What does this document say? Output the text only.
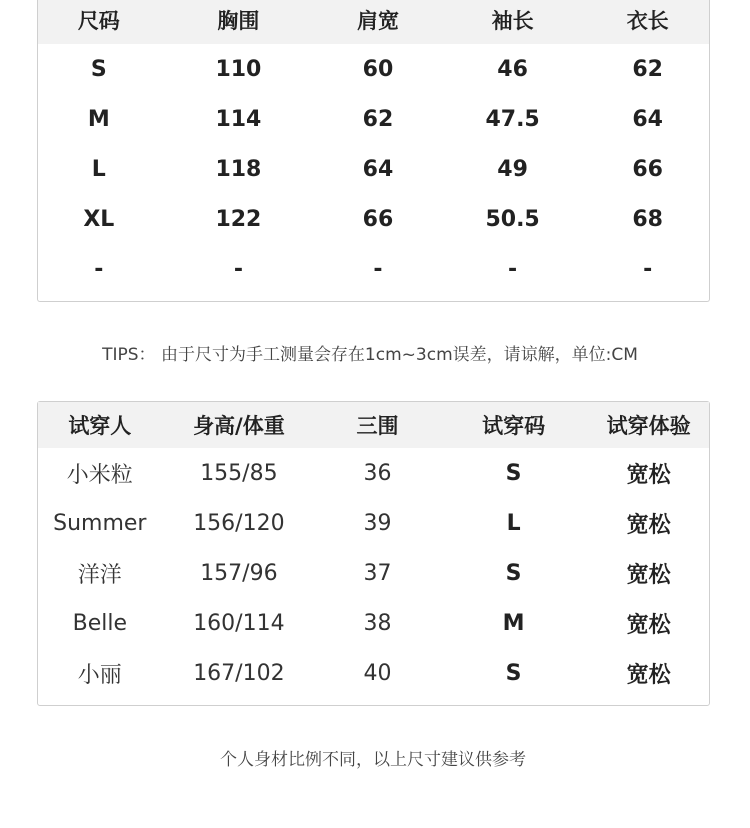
尺码	胸围	肩宽	袖长	衣长
S	110	60	46	62
M	114	62	47.5	64
L	118	64	49	66
XL	122	66	50.5	68
-	-	-	-	-
TIPS： 由于尺寸为手工测量会存在1cm~3cm误差，请谅解，单位:CM
试穿人	身高/体重	三围	试穿码	试穿体验
小米粒	155/85	36	S	宽松
Summer	156/120	39	L	宽松
洋洋	157/96	37	S	宽松
Belle	160/114	38	M	宽松
小丽	167/102	40	S	宽松
个人身材比例不同，以上尺寸建议供参考
